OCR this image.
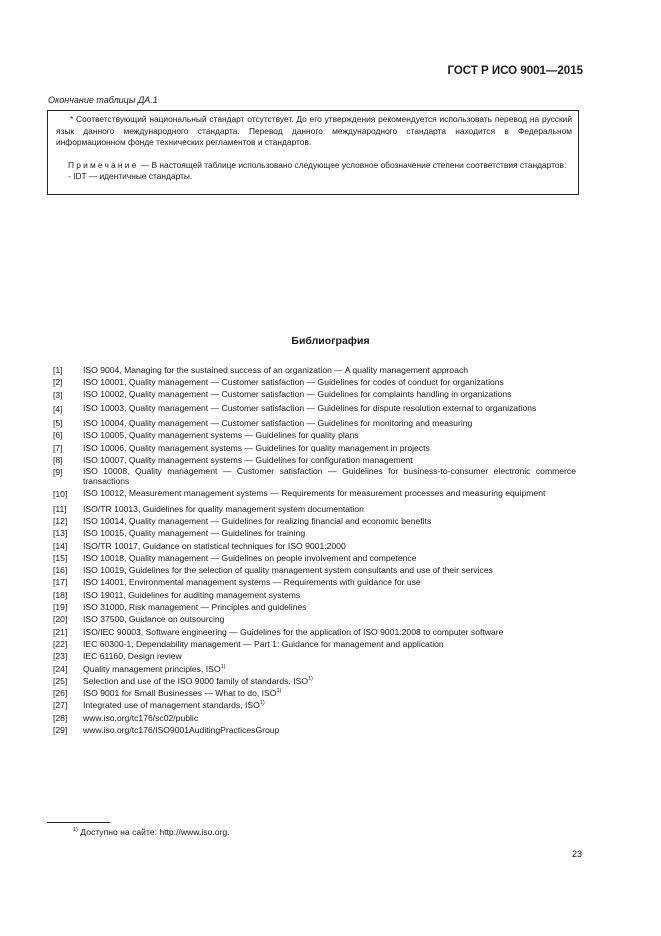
ГОСТ Р ИСО 9001—2015
Окончание таблицы ДА.1

* Соответствующий национальный стандарт отсутствует. До его утверждения рекомендуется использовать перевод на русский язык данного международного стандарта. Перевод данного международного стандарта находится в Федеральном информационном фонде технических регламентов и стандартов.

Примечание — В настоящей таблице использовано следующее условное обозначение степени соответствия стандартов:

- IDT — идентичные стандарты.

Библиография
[1]	ISO 9004, Managing for the sustained success of an organization — A quality management approach
[2]	ISO 10001, Quality management — Customer satisfaction — Guidelines for codes of conduct for organizations
[3]	ISO 10002, Quality management — Customer satisfaction — Guidelines for complaints handling in organizations
[4]	ISO 10003, Quality management — Customer satisfaction — Guidelines for dispute resolution external to organizations
[5]	ISO 10004, Quality management — Customer satisfaction — Guidelines for monitoring and measuring
[6]	ISO 10005, Quality management systems — Guidelines for quality plans
[7]	ISO 10006, Quality management systems — Guidelines for quality management in projects
[8]	ISO 10007, Quality management systems — Guidelines for configuration management
[9]	ISO 10008, Quality management — Customer satisfaction — Guidelines for business-to-consumer electronic commerce transactions
[10]	ISO 10012, Measurement management systems — Requirements for measurement processes and measuring equipment
[11]	ISO/TR 10013, Guidelines for quality management system documentation
[12]	ISO 10014, Quality management — Guidelines for realizing financial and economic benefits
[13]	ISO 10015, Quality management — Guidelines for training
[14]	ISO/TR 10017, Guidance on statistical techniques for ISO 9001:2000
[15]	ISO 10018, Quality management — Guidelines on people involvement and competence
[16]	ISO 10019, Guidelines for the selection of quality management system consultants and use of their services
[17]	ISO 14001, Environmental management systems — Requirements with guidance for use
[18]	ISO 19011, Guidelines for auditing management systems
[19]	ISO 31000, Risk management — Principles and guidelines
[20]	ISO 37500, Guidance on outsourcing
[21]	ISO/IEC 90003, Software engineering — Guidelines for the application of ISO 9001:2008 to computer software
[22]	IEC 60300-1, Dependability management — Part 1: Guidance for management and application
[23]	IEC 61160, Design review
[24]	Quality management principles, ISO$^{1)}$
[25]	Selection and use of the ISO 9000 family of standards, ISO$^{1)}$
[26]	ISO 9001 for Small Businesses — What to do, ISO$^{1)}$
[27]	Integrated use of management standards, ISO$^{1)}$
[28]	www.iso.org/tc176/sc02/public
[29]	www.iso.org/tc176/ISO9001AuditingPracticesGroup
$^{1)}$ Доступно на сайте: http://www.iso.org.
23
